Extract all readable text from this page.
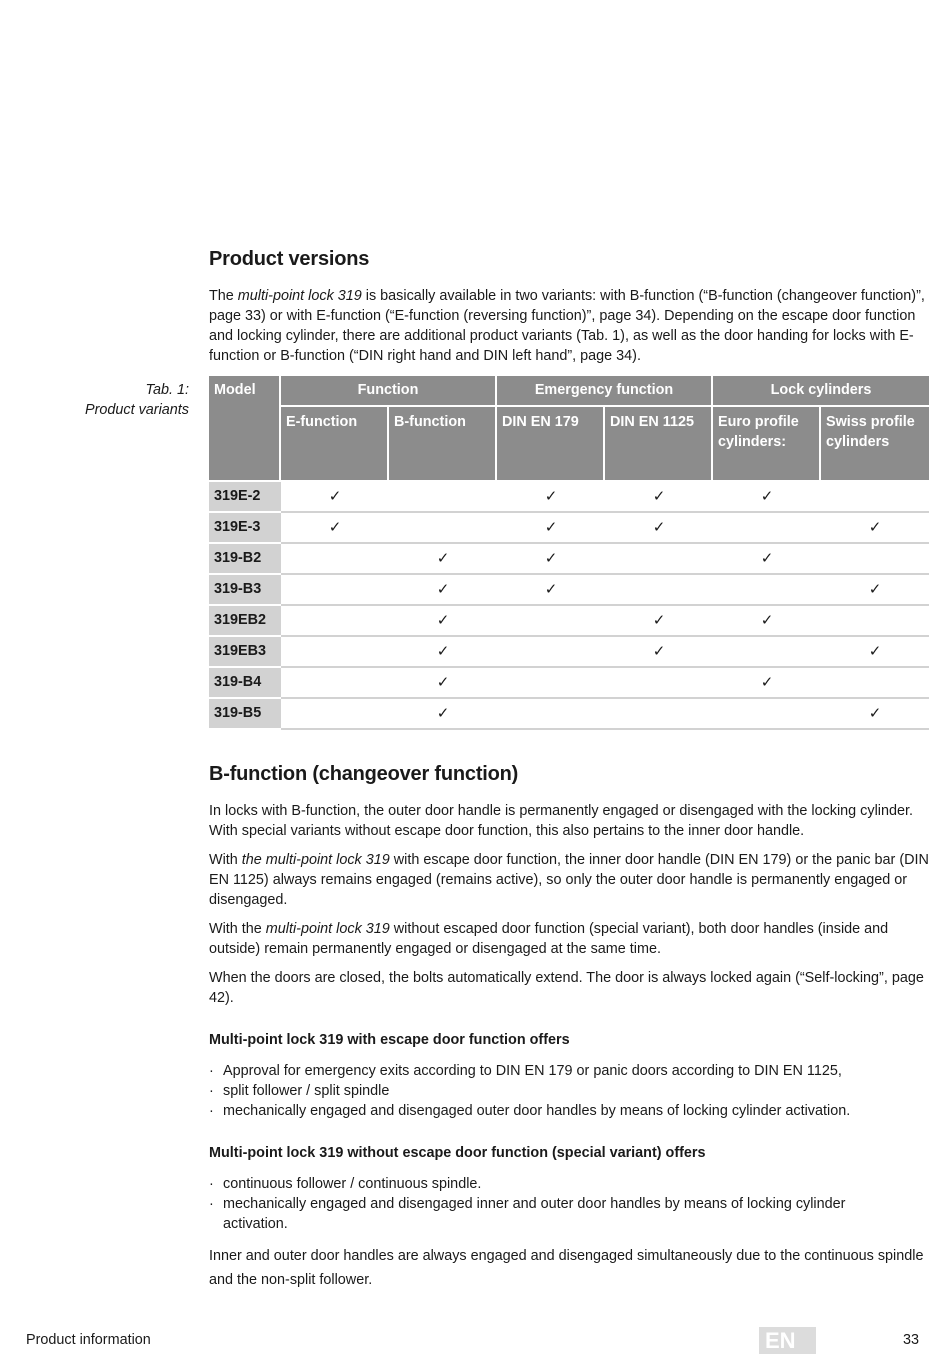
Product versions

The multi-point lock 319 is basically available in two variants: with B-function (“B-function (changeover function)”, page 33) or with E-function (“E-function (reversing function)”, page 34). Depending on the escape door function and locking cylinder, there are additional product variants (Tab. 1), as well as the door handing for locks with E-function or B-function (“DIN right hand and DIN left hand”, page 34).

Tab. 1:
Product variants
Model	Function		Emergency function		Lock cylinders	
	E-function	B-function	DIN EN 179	DIN EN 1125	Euro profile cylinders:	Swiss profile cylinders
319E-2	✓		✓	✓	✓	
319E-3	✓		✓	✓		✓
319-B2		✓	✓		✓	
319-B3		✓	✓			✓
319EB2		✓		✓	✓	
319EB3		✓		✓		✓
319-B4		✓			✓	
319-B5		✓				✓
B-function (changeover function)

In locks with B-function, the outer door handle is permanently engaged or disengaged with the locking cylinder. With special variants without escape door function, this also pertains to the inner door handle.

With the multi-point lock 319 with escape door function, the inner door handle (DIN EN 179) or the panic bar (DIN EN 1125) always remains engaged (remains active), so only the outer door handle is permanently engaged or disengaged.

With the multi-point lock 319 without escaped door function (special variant), both door handles (inside and outside) remain permanently engaged or disengaged at the same time.

When the doors are closed, the bolts automatically extend. The door is always locked again (“Self-locking”, page 42).

Multi-point lock 319 with escape door function offers
· Approval for emergency exits according to DIN EN 179 or panic doors according to DIN EN 1125,
· split follower / split spindle
· mechanically engaged and disengaged outer door handles by means of locking cylinder activation.
Multi-point lock 319 without escape door function (special variant) offers
· continuous follower / continuous spindle.
· mechanically engaged and disengaged inner and outer door handles by means of locking cylinder activation.

Inner and outer door handles are always engaged and disengaged simultaneously due to the continuous spindle and the non-split follower.

Product information	EN	33
